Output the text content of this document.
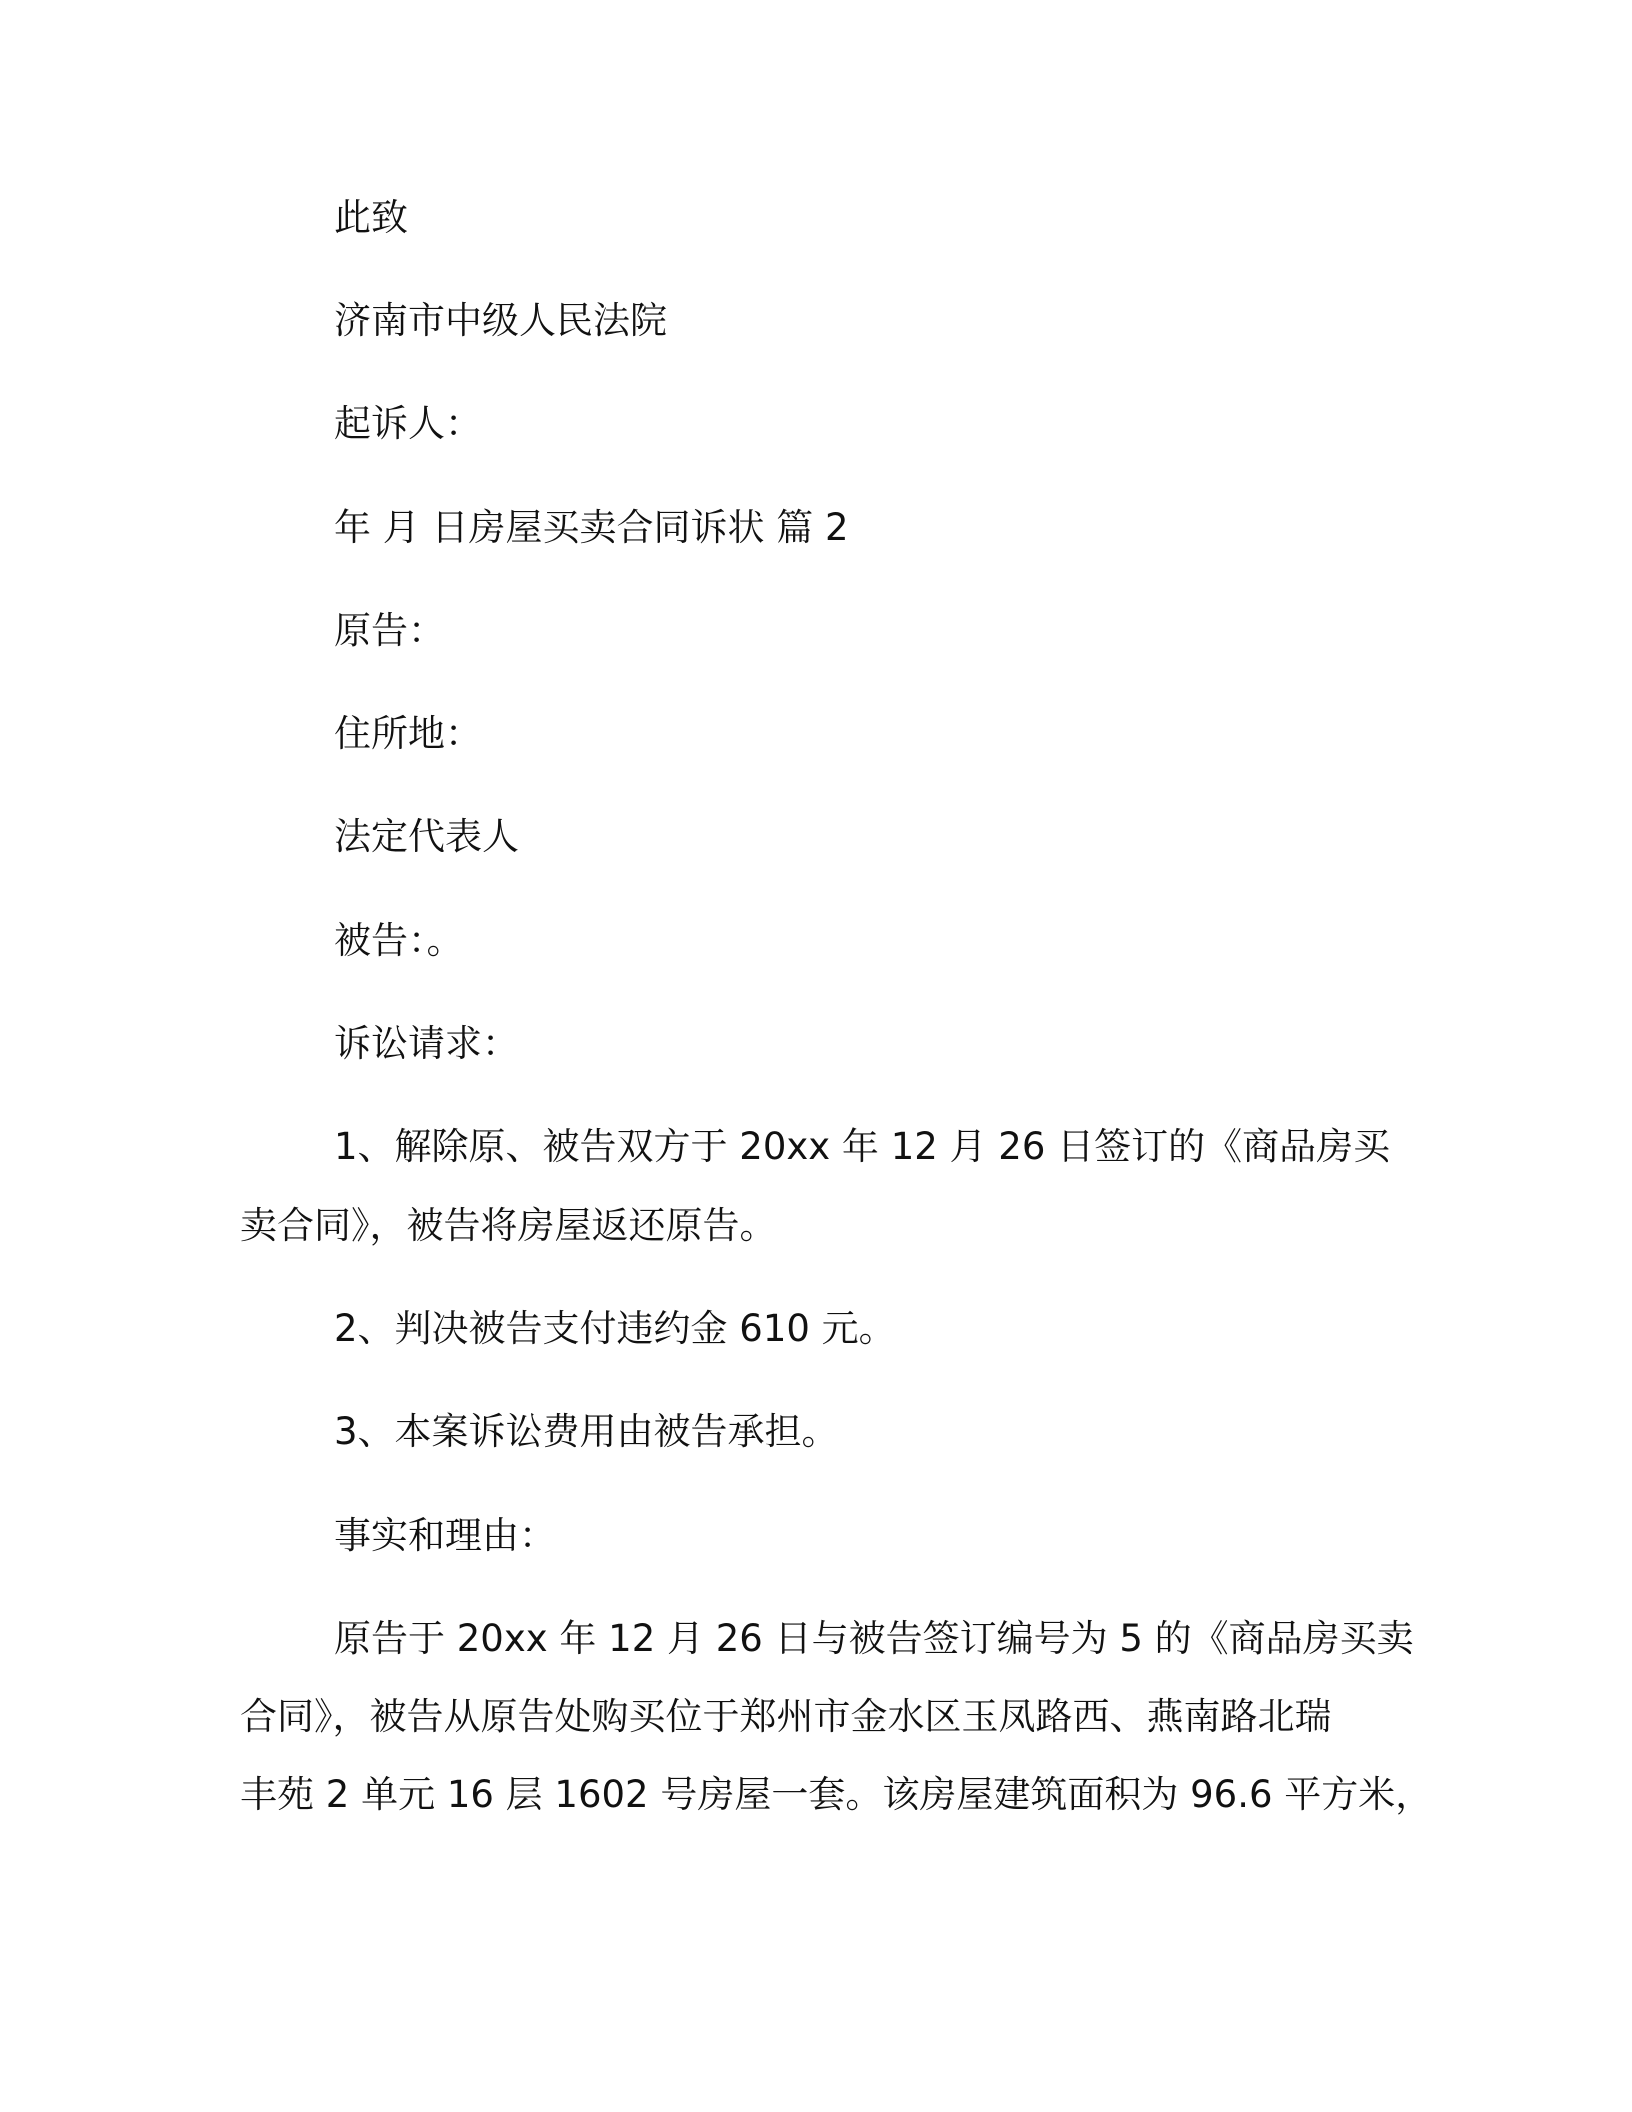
此致
济南市中级人民法院
起诉人：
年 月 日房屋买卖合同诉状 篇 2
原告：
住所地：
法定代表人
被告：。
诉讼请求：
1、解除原、被告双方于 20xx 年 12 月 26 日签订的《商品房买
卖合同》，被告将房屋返还原告。
2、判决被告支付违约金 610 元。
3、本案诉讼费用由被告承担。
事实和理由：
原告于 20xx 年 12 月 26 日与被告签订编号为 5 的《商品房买卖
合同》，被告从原告处购买位于郑州市金水区玉凤路西、燕南路北瑞
丰苑 2 单元 16 层 1602 号房屋一套。该房屋建筑面积为 96.6 平方米，
